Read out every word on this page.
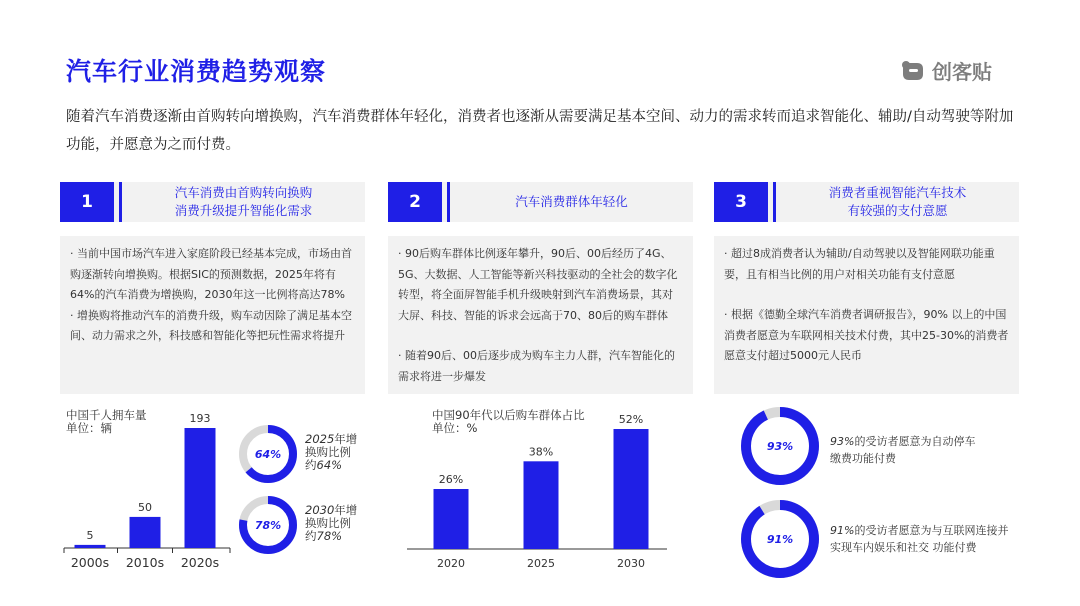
汽车行业消费趋势观察	创客贴
随着汽车消费逐渐由首购转向增换购，汽车消费群体年轻化，消费者也逐渐从需要满足基本空间、动力的需求转而追求智能化、辅助/自动驾驶等附加功能，并愿意为之而付费。
1	汽车消费由首购转向换购
消费升级提升智能化需求	2	汽车消费群体年轻化	3	消费者重视智能汽车技术
有较强的支付意愿

· 当前中国市场汽车进入家庭阶段已经基本完成，市场由首购逐渐转向增换购。根据SIC的预测数据，2025年将有 64%的汽车消费为增换购，2030年这一比例将高达78%

· 增换购将推动汽车的消费升级，购车动因除了满足基本空间、动力需求之外，科技感和智能化等把玩性需求将提升

· 90后购车群体比例逐年攀升，90后、00后经历了4G、5G、大数据、人工智能等新兴科技驱动的全社会的数字化转型，将全面屏智能手机升级映射到汽车消费场景，其对大屏、科技、智能的诉求会远高于70、80后的购车群体

· 随着90后、00后逐步成为购车主力人群，汽车智能化的需求将进一步爆发

· 超过8成消费者认为辅助/自动驾驶以及智能网联功能重要，且有相当比例的用户对相关功能有支付意愿

· 根据《德勤全球汽车消费者调研报告》，90% 以上的中国消费者愿意为车联网相关技术付费，其中25-30%的消费者愿意支付超过5000元人民币

中国千人拥车量
单位：辆
5
2000s
50
2010s
193
2020s
64%
2025年增
换购比例
约64%
78%
2030年增
换购比例
约78%
中国90年代以后购车群体占比
单位：%
26%
2020
38%
2025
52%
2030
93%	93%的受访者愿意为自动停车
缴费功能付费
91%
91%的受访者愿意为与互联网连接并
实现车内娱乐和社交 功能付费
